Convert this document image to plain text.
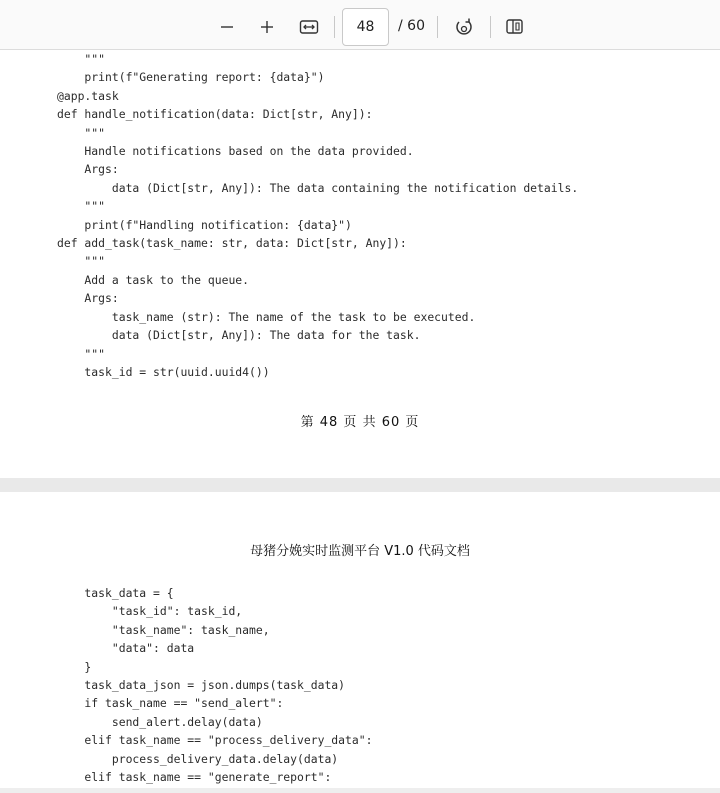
48
/ 60
"""
print(f"Generating report: {data}")
@app.task
def handle_notification(data: Dict[str, Any]):
"""
Handle notifications based on the data provided.
Args:
data (Dict[str, Any]): The data containing the notification details.
"""
print(f"Handling notification: {data}")
def add_task(task_name: str, data: Dict[str, Any]):
"""
Add a task to the queue.
Args:
task_name (str): The name of the task to be executed.
data (Dict[str, Any]): The data for the task.
"""
task_id = str(uuid.uuid4())
第 48 页 共 60 页
母猪分娩实时监测平台 V1.0 代码文档
task_data = {
"task_id": task_id,
"task_name": task_name,
"data": data
}
task_data_json = json.dumps(task_data)
if task_name == "send_alert":
send_alert.delay(data)
elif task_name == "process_delivery_data":
process_delivery_data.delay(data)
elif task_name == "generate_report":
